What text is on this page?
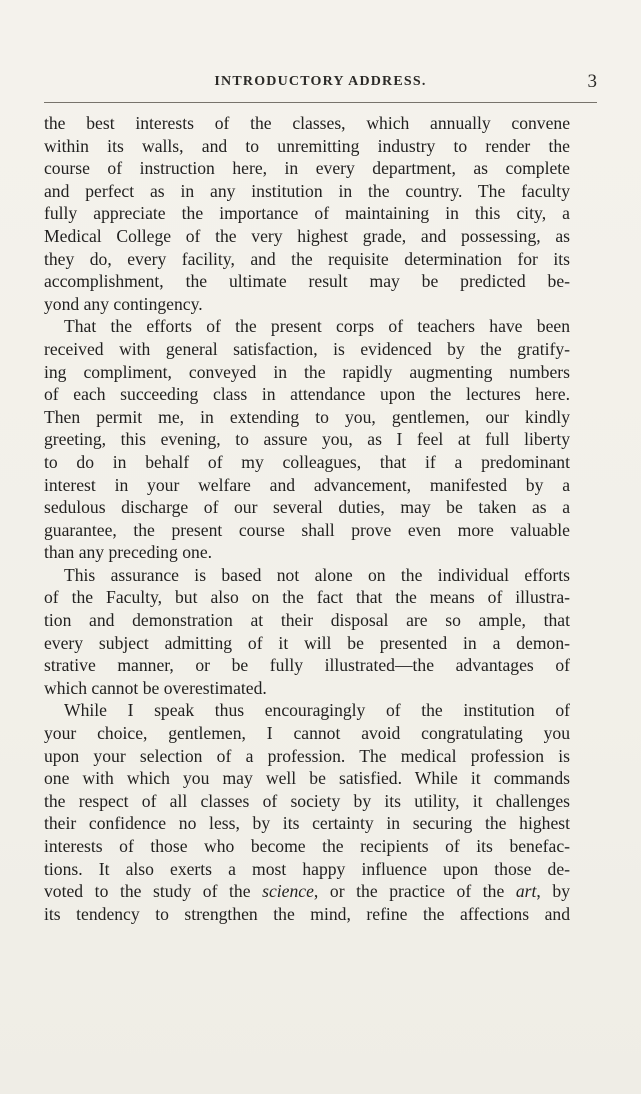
INTRODUCTORY ADDRESS.	3

the best interests of the classes, which annually convene
within its walls, and to unremitting industry to render the
course of instruction here, in every department, as complete
and perfect as in any institution in the country. The faculty
fully appreciate the importance of maintaining in this city, a
Medical College of the very highest grade, and possessing, as
they do, every facility, and the requisite determination for its
accomplishment, the ultimate result may be predicted be-
yond any contingency.

That the efforts of the present corps of teachers have been
received with general satisfaction, is evidenced by the gratify-
ing compliment, conveyed in the rapidly augmenting numbers
of each succeeding class in attendance upon the lectures here.
Then permit me, in extending to you, gentlemen, our kindly
greeting, this evening, to assure you, as I feel at full liberty
to do in behalf of my colleagues, that if a predominant
interest in your welfare and advancement, manifested by a
sedulous discharge of our several duties, may be taken as a
guarantee, the present course shall prove even more valuable
than any preceding one.

This assurance is based not alone on the individual efforts
of the Faculty, but also on the fact that the means of illustra-
tion and demonstration at their disposal are so ample, that
every subject admitting of it will be presented in a demon-
strative manner, or be fully illustrated—the advantages of
which cannot be overestimated.

While I speak thus encouragingly of the institution of
your choice, gentlemen, I cannot avoid congratulating you
upon your selection of a profession. The medical profession is
one with which you may well be satisfied. While it commands
the respect of all classes of society by its utility, it challenges
their confidence no less, by its certainty in securing the highest
interests of those who become the recipients of its benefac-
tions. It also exerts a most happy influence upon those de-
voted to the study of the science, or the practice of the art, by
its tendency to strengthen the mind, refine the affections and
